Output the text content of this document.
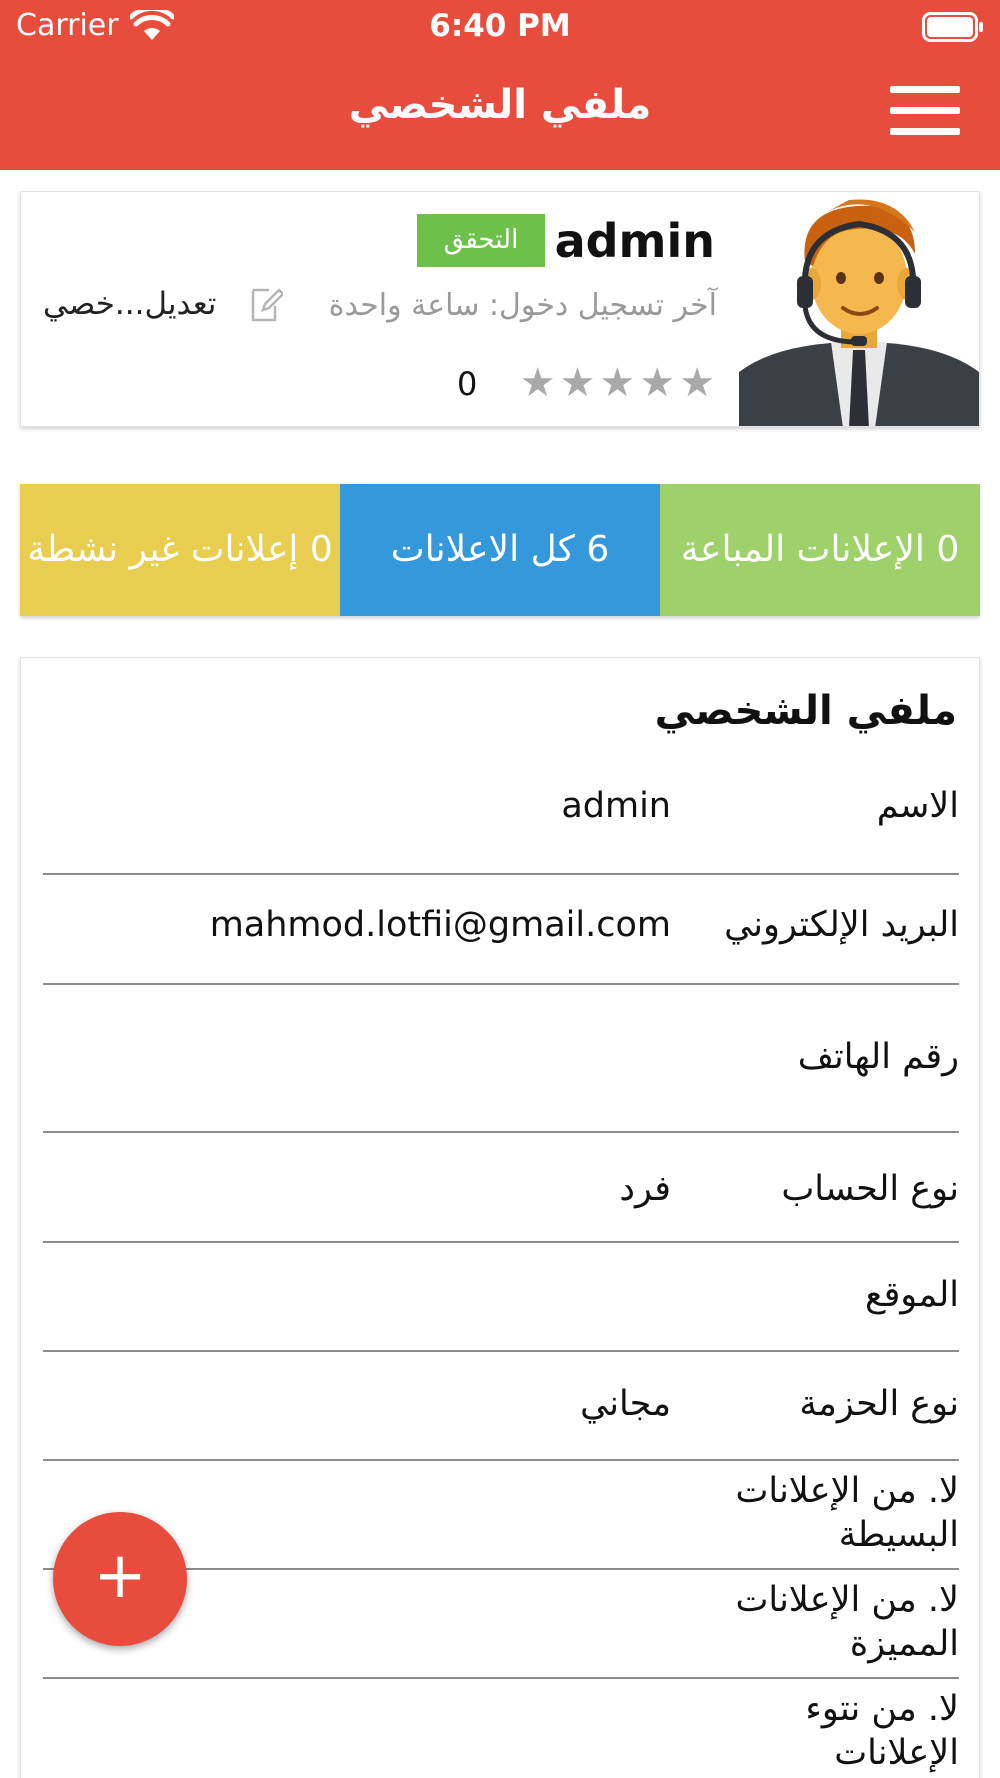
Carrier	6:40 PM
ملفي الشخصي
admin
التحقق
آخر تسجيل دخول: ساعة واحدة
تعديل...خصي
★★★★★
0
0 الإعلانات المباعة
6 كل الاعلانات
0 إعلانات غير نشطة
ملفي الشخصي
الاسم
admin
البريد الإلكتروني
mahmod.lotfii@gmail.com
رقم الهاتف
نوع الحساب
فرد
الموقع
نوع الحزمة
مجاني
لا. من الإعلانات البسيطة
لا. من الإعلانات المميزة
لا. من نتوء الإعلانات
+
